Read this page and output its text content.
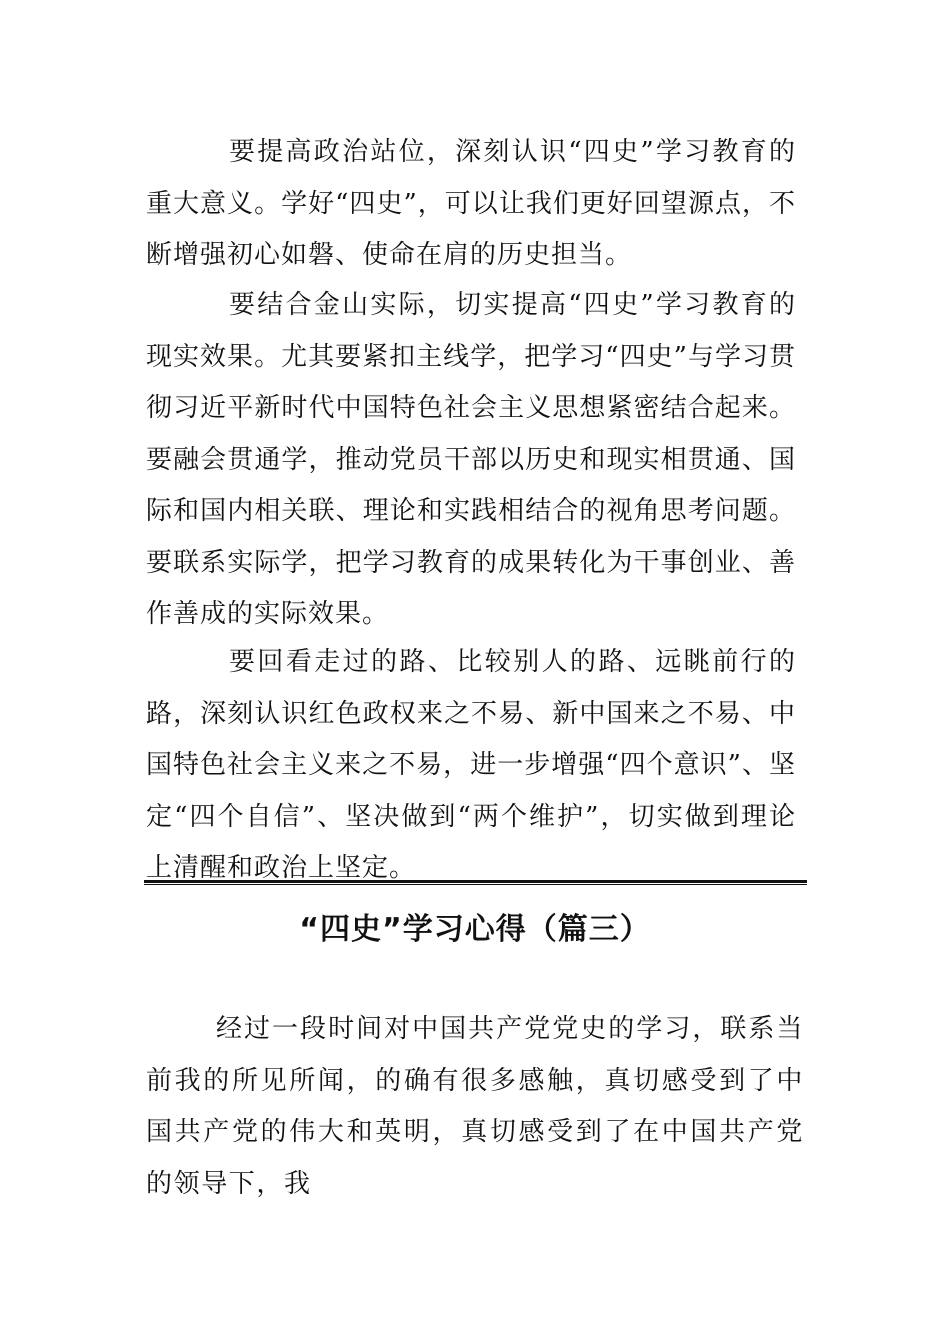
要提高政治站位，深刻认识“四史”学习教育的重大意义。学好“四史”，可以让我们更好回望源点，不断增强初心如磐、使命在肩的历史担当。

要结合金山实际，切实提高“四史”学习教育的现实效果。尤其要紧扣主线学，把学习“四史”与学习贯彻习近平新时代中国特色社会主义思想紧密结合起来。要融会贯通学，推动党员干部以历史和现实相贯通、国际和国内相关联、理论和实践相结合的视角思考问题。要联系实际学，把学习教育的成果转化为干事创业、善作善成的实际效果。

要回看走过的路、比较别人的路、远眺前行的路，深刻认识红色政权来之不易、新中国来之不易、中国特色社会主义来之不易，进一步增强“四个意识”、坚定“四个自信”、坚决做到“两个维护”，切实做到理论上清醒和政治上坚定。

“四史”学习心得（篇三）

经过一段时间对中国共产党党史的学习，联系当前我的所见所闻，的确有很多感触，真切感受到了中国共产党的伟大和英明，真切感受到了在中国共产党的领导下，我
